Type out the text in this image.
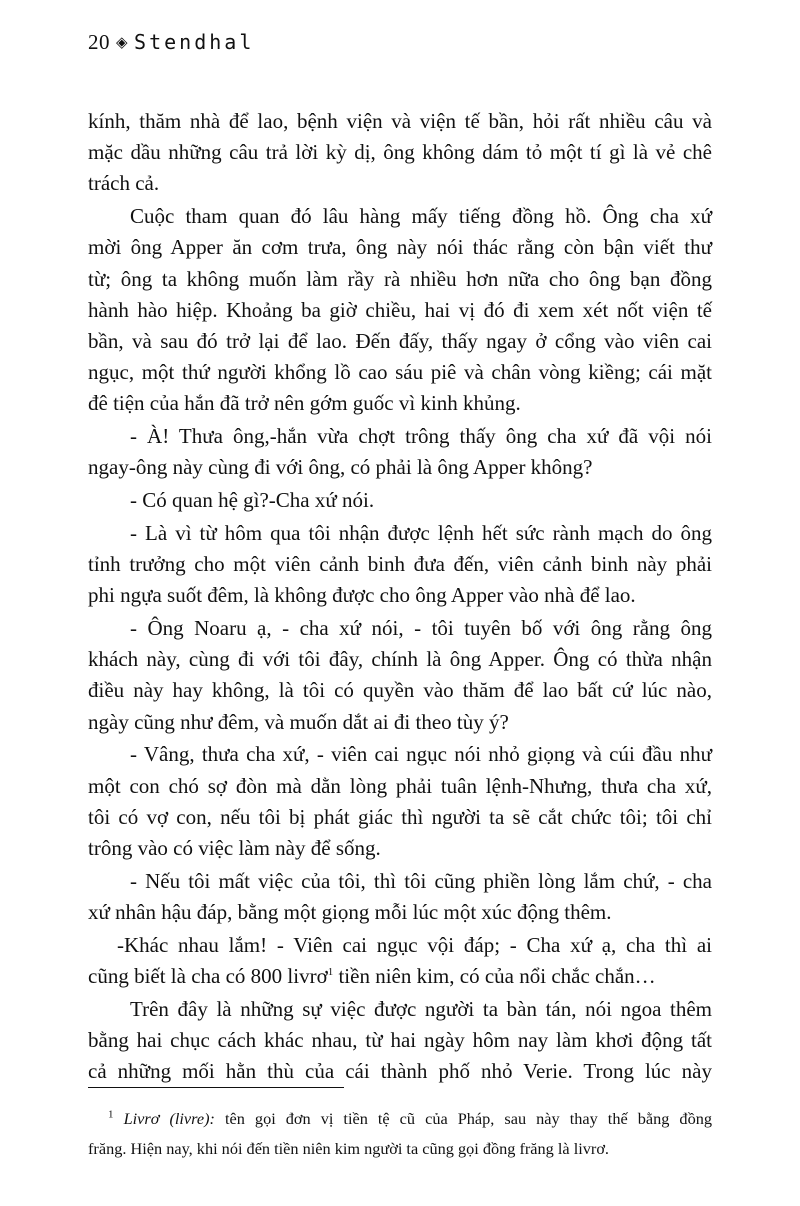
20 ◈ Stendhal
kính, thăm nhà để lao, bệnh viện và viện tế bần, hỏi rất nhiều câu và
mặc dầu những câu trả lời kỳ dị, ông không dám tỏ một tí gì là vẻ chê
trách cả.
Cuộc tham quan đó lâu hàng mấy tiếng đồng hồ. Ông cha xứ
mời ông Apper ăn cơm trưa, ông này nói thác rằng còn bận viết thư
từ; ông ta không muốn làm rầy rà nhiều hơn nữa cho ông bạn đồng
hành hào hiệp. Khoảng ba giờ chiều, hai vị đó đi xem xét nốt viện tế
bần, và sau đó trở lại để lao. Đến đấy, thấy ngay ở cổng vào viên cai
ngục, một thứ người khổng lồ cao sáu piê và chân vòng kiềng; cái mặt
đê tiện của hắn đã trở nên gớm guốc vì kinh khủng.
- À! Thưa ông,-hắn vừa chợt trông thấy ông cha xứ đã vội nói
ngay-ông này cùng đi với ông, có phải là ông Apper không?
- Có quan hệ gì?-Cha xứ nói.
- Là vì từ hôm qua tôi nhận được lệnh hết sức rành mạch do ông
tỉnh trưởng cho một viên cảnh binh đưa đến, viên cảnh binh này phải
phi ngựa suốt đêm, là không được cho ông Apper vào nhà để lao.
- Ông Noaru ạ, - cha xứ nói, - tôi tuyên bố với ông rằng ông
khách này, cùng đi với tôi đây, chính là ông Apper. Ông có thừa nhận
điều này hay không, là tôi có quyền vào thăm để lao bất cứ lúc nào,
ngày cũng như đêm, và muốn dắt ai đi theo tùy ý?
- Vâng, thưa cha xứ, - viên cai ngục nói nhỏ giọng và cúi đầu như
một con chó sợ đòn mà dằn lòng phải tuân lệnh-Nhưng, thưa cha xứ,
tôi có vợ con, nếu tôi bị phát giác thì người ta sẽ cắt chức tôi; tôi chỉ
trông vào có việc làm này để sống.
- Nếu tôi mất việc của tôi, thì tôi cũng phiền lòng lắm chứ, - cha
xứ nhân hậu đáp, bằng một giọng mỗi lúc một xúc động thêm.
-Khác nhau lắm! - Viên cai ngục vội đáp; - Cha xứ ạ, cha thì ai
cũng biết là cha có 800 livrơ$^1$ tiền niên kim, có của nổi chắc chắn…
Trên đây là những sự việc được người ta bàn tán, nói ngoa thêm
bằng hai chục cách khác nhau, từ hai ngày hôm nay làm khơi động tất
cả những mối hằn thù của cái thành phố nhỏ Verie. Trong lúc này
$^1$ Livrơ (livre): tên gọi đơn vị tiền tệ cũ của Pháp, sau này thay thế bằng đồng
frăng. Hiện nay, khi nói đến tiền niên kim người ta cũng gọi đồng frăng là livrơ.
